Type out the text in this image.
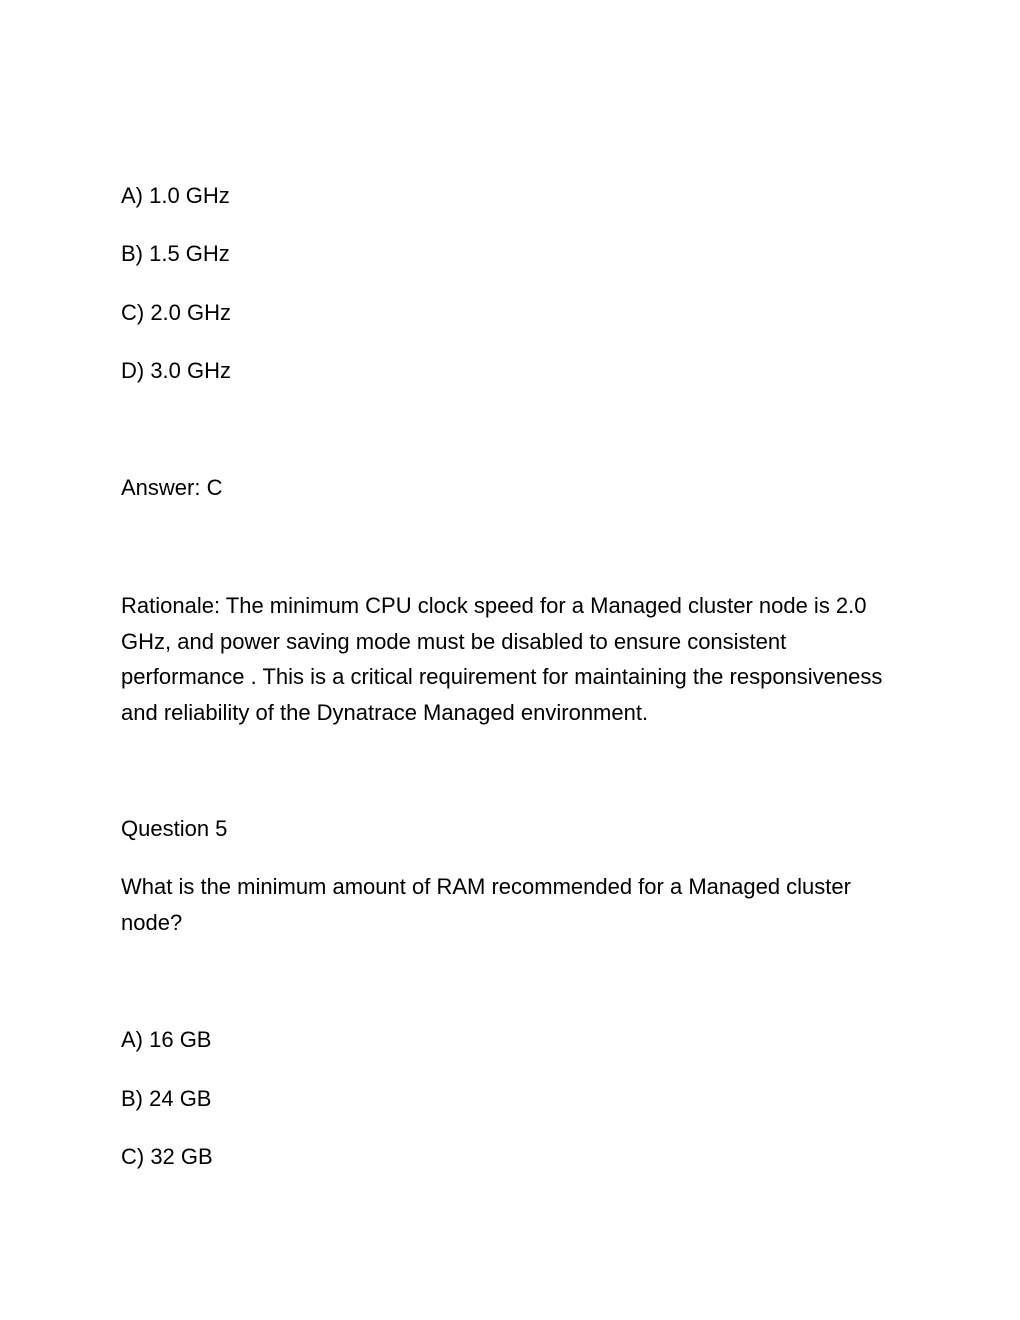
A) 1.0 GHz

B) 1.5 GHz

C) 2.0 GHz

D) 3.0 GHz

Answer: C

Rationale: The minimum CPU clock speed for a Managed cluster node is 2.0 GHz, and power saving mode must be disabled to ensure consistent performance . This is a critical requirement for maintaining the responsiveness and reliability of the Dynatrace Managed environment.

Question 5

What is the minimum amount of RAM recommended for a Managed cluster node?

A) 16 GB

B) 24 GB

C) 32 GB
